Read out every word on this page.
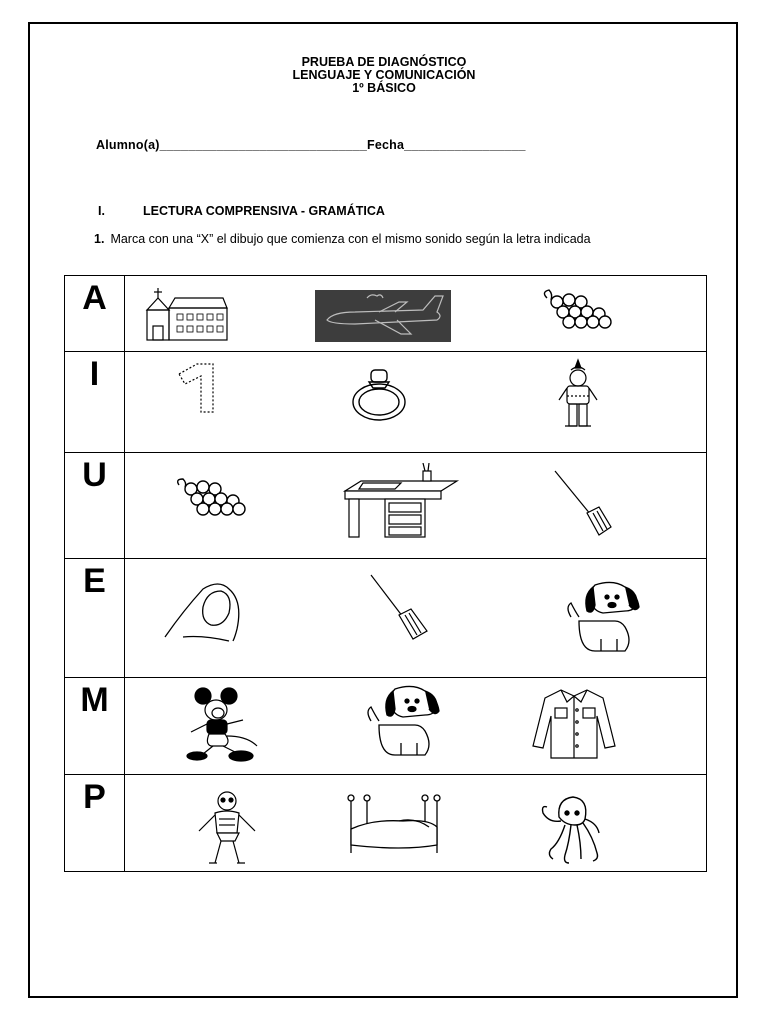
PRUEBA DE DIAGNÓSTICO
LENGUAJE Y COMUNICACIÓN
1º BÁSICO
Alumno(a)_____________________________Fecha_________________
I.	LECTURA COMPRENSIVA - GRAMÁTICA
1. Marca con una “X” el dibujo que comienza con el mismo sonido según la letra indicada
A	

I	

U	

E	

M	

P	
